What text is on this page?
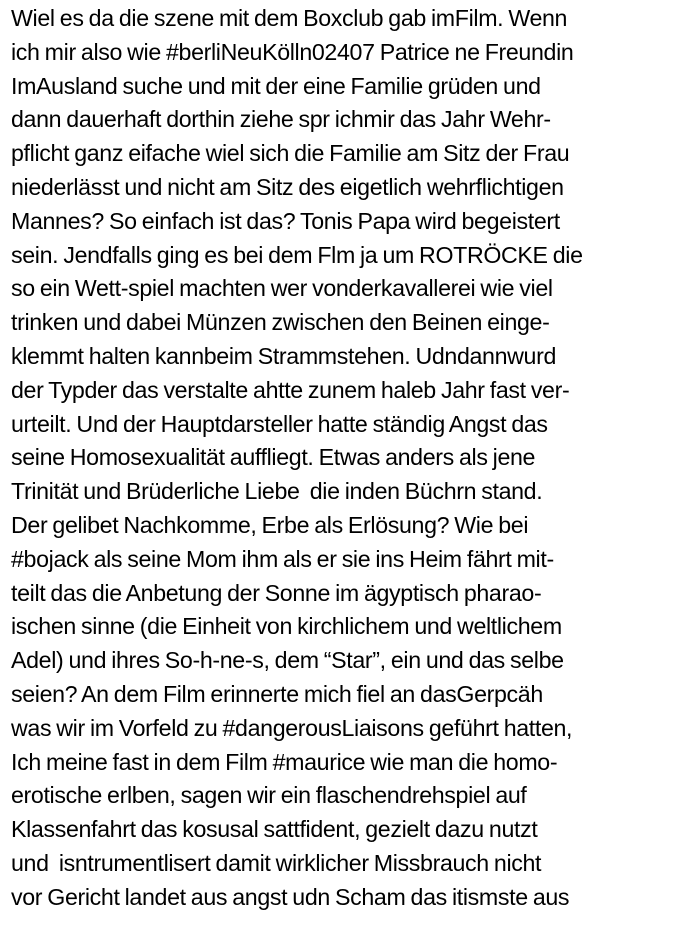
Wiel es da die szene mit dem Boxclub gab imFilm. Wenn
ich mir also wie #berliNeuKölln02407 Patrice ne Freundin
ImAusland suche und mit der eine Familie grüden und
dann dauerhaft dorthin ziehe spr ichmir das Jahr Wehr-
pflicht ganz eifache wiel sich die Familie am Sitz der Frau
niederlässt und nicht am Sitz des eigetlich wehrflichtigen
Mannes? So einfach ist das? Tonis Papa wird begeistert
sein. Jendfalls ging es bei dem Flm ja um ROTRÖCKE die
so ein Wett-spiel machten wer vonderkavallerei wie viel
trinken und dabei Münzen zwischen den Beinen einge-
klemmt halten kannbeim Strammstehen. Udndannwurd
der Typder das verstalte ahtte zunem haleb Jahr fast ver-
urteilt. Und der Hauptdarsteller hatte ständig Angst das
seine Homosexualität auffliegt. Etwas anders als jene
Trinität und Brüderliche Liebe  die inden Büchrn stand.
Der gelibet Nachkomme, Erbe als Erlösung? Wie bei
#bojack als seine Mom ihm als er sie ins Heim fährt mit-
teilt das die Anbetung der Sonne im ägyptisch pharao-
ischen sinne (die Einheit von kirchlichem und weltlichem
Adel) und ihres So-h-ne-s, dem “Star”, ein und das selbe
seien? An dem Film erinnerte mich fiel an dasGerpcäh
was wir im Vorfeld zu #dangerousLiaisons geführt hatten,
Ich meine fast in dem Film #maurice wie man die homo-
erotische erlben, sagen wir ein flaschendrehspiel auf
Klassenfahrt das kosusal sattfident, gezielt dazu nutzt
und  isntrumentlisert damit wirklicher Missbrauch nicht
vor Gericht landet aus angst udn Scham das itismste aus
